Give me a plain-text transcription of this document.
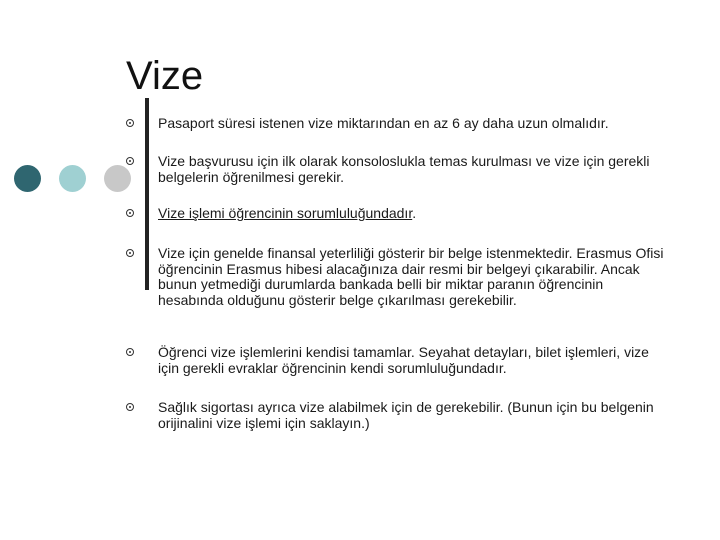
Vize
Pasaport süresi istenen vize miktarından en az 6 ay daha uzun olmalıdır.
Vize başvurusu için ilk olarak konsoloslukla temas kurulması ve vize için gerekli belgelerin öğrenilmesi gerekir.
Vize işlemi öğrencinin sorumluluğundadır.
Vize için genelde finansal yeterliliği gösterir bir belge istenmektedir. Erasmus Ofisi öğrencinin Erasmus hibesi alacağınıza dair resmi bir belgeyi çıkarabilir. Ancak bunun yetmediği durumlarda bankada belli bir miktar paranın öğrencinin hesabında olduğunu gösterir belge çıkarılması gerekebilir.
Öğrenci vize işlemlerini kendisi tamamlar. Seyahat detayları, bilet işlemleri, vize için gerekli evraklar öğrencinin kendi sorumluluğundadır.
Sağlık sigortası ayrıca vize alabilmek için de gerekebilir. (Bunun için bu belgenin orijinalini vize işlemi için saklayın.)
